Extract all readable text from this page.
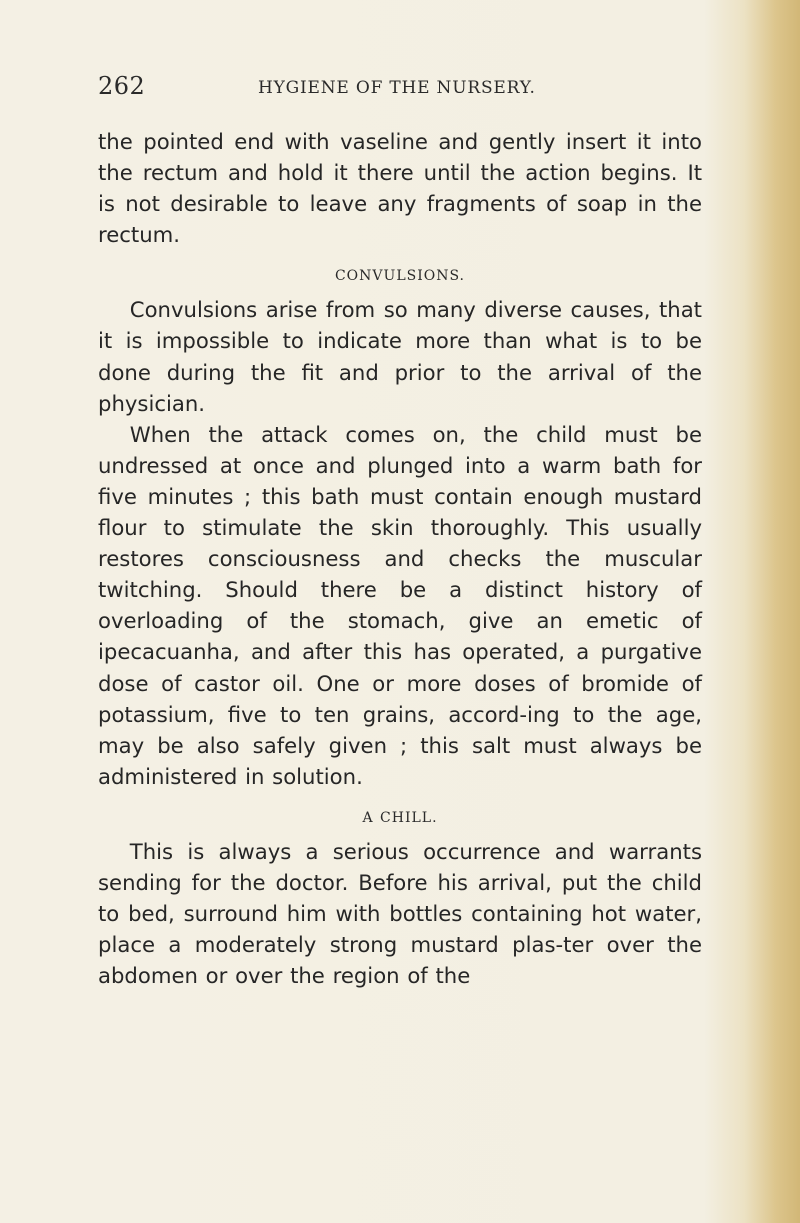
262	HYGIENE OF THE NURSERY.

the pointed end with vaseline and gently insert it into the rectum and hold it there until the action begins. It is not desirable to leave any fragments of soap in the rectum.

CONVULSIONS.

Convulsions arise from so many diverse causes, that it is impossible to indicate more than what is to be done during the fit and prior to the arrival of the physician.

When the attack comes on, the child must be undressed at once and plunged into a warm bath for five minutes ; this bath must contain enough mustard flour to stimulate the skin thoroughly. This usually restores consciousness and checks the muscular twitching. Should there be a distinct history of overloading of the stomach, give an emetic of ipecacuanha, and after this has operated, a purgative dose of castor oil. One or more doses of bromide of potassium, five to ten grains, accord-ing to the age, may be also safely given ; this salt must always be administered in solution.

A CHILL.

This is always a serious occurrence and warrants sending for the doctor. Before his arrival, put the child to bed, surround him with bottles containing hot water, place a moderately strong mustard plas-ter over the abdomen or over the region of the
